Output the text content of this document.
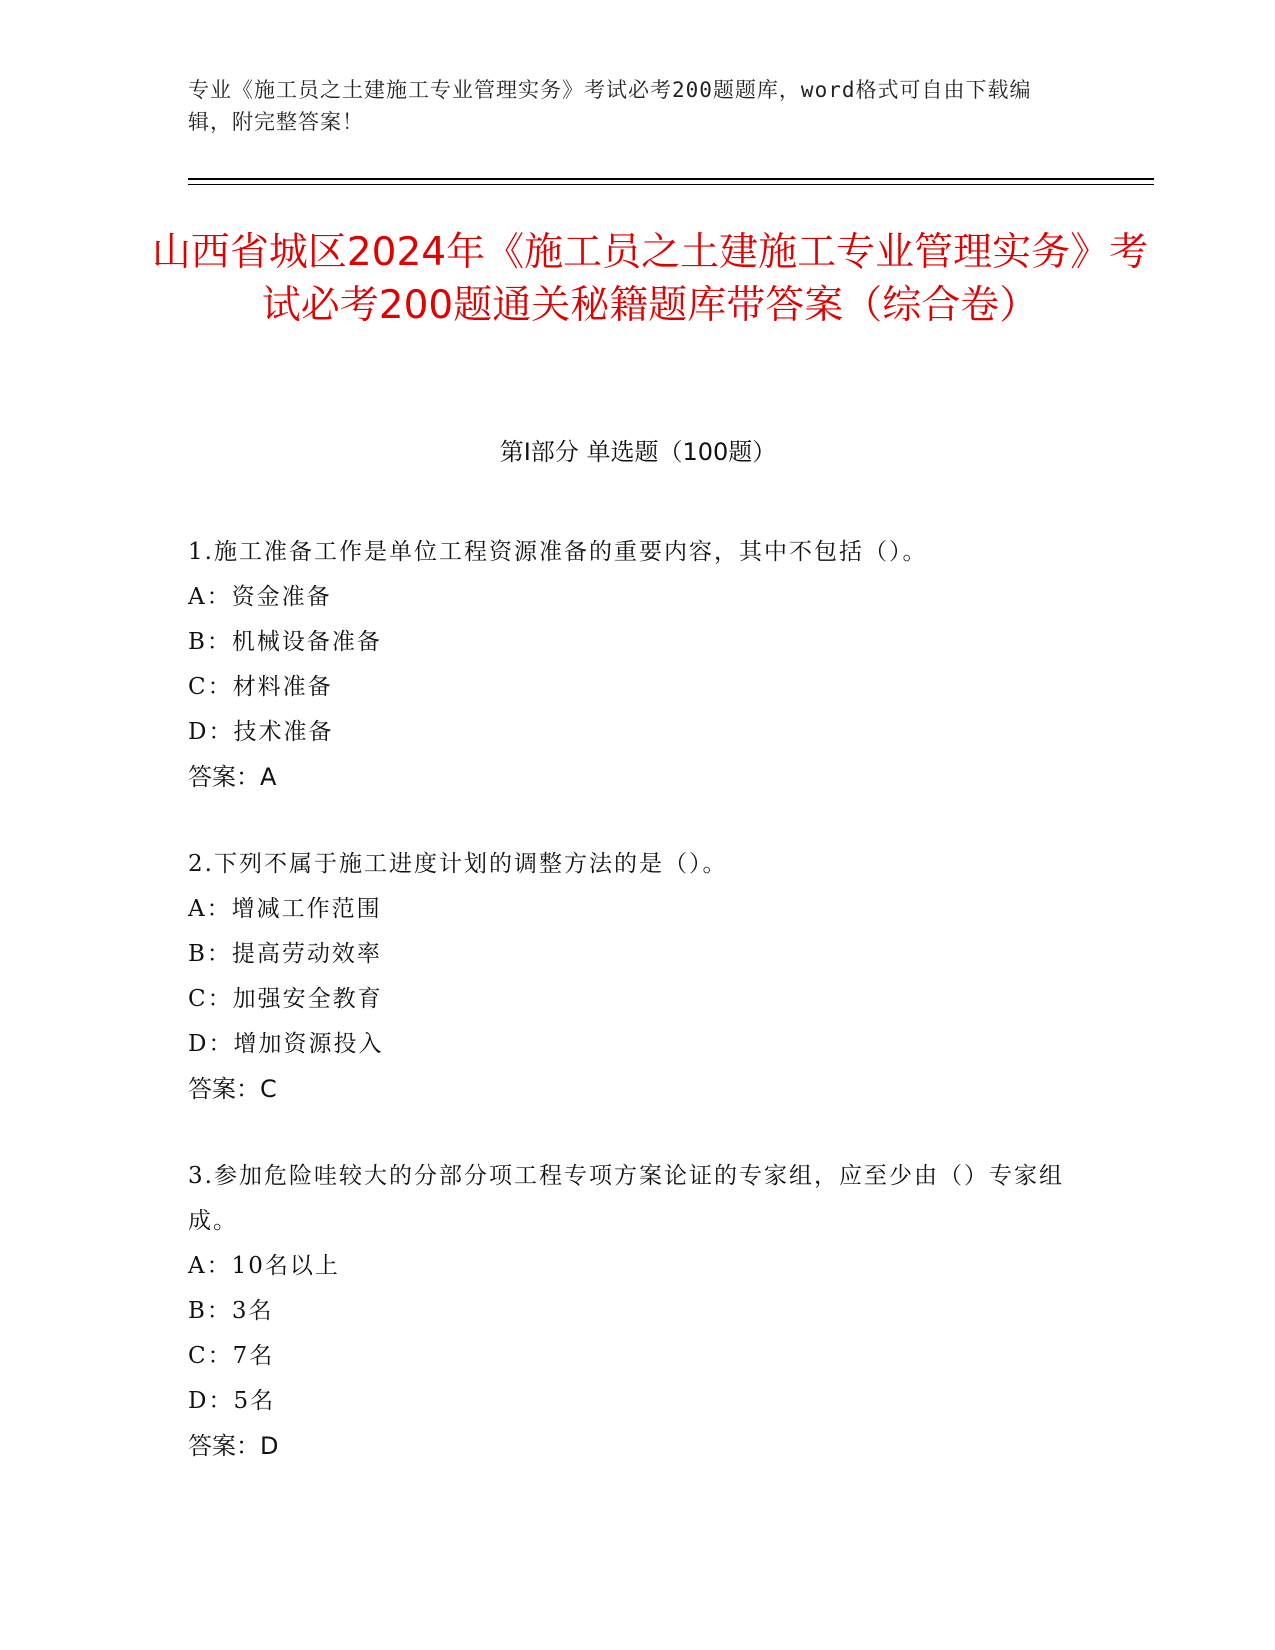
专业《施工员之土建施工专业管理实务》考试必考200题题库，word格式可自由下载编辑，附完整答案！
山西省城区2024年《施工员之土建施工专业管理实务》考试必考200题通关秘籍题库带答案（综合卷）
第Ⅰ部分 单选题（100题）
1.施工准备工作是单位工程资源准备的重要内容，其中不包括（）。
A：资金准备
B：机械设备准备
C：材料准备
D：技术准备
答案：A
2.下列不属于施工进度计划的调整方法的是（）。
A：增减工作范围
B：提高劳动效率
C：加强安全教育
D：增加资源投入
答案：C
3.参加危险哇较大的分部分项工程专项方案论证的专家组，应至少由（）专家组成。
A：10名以上
B：3名
C：7名
D：5名
答案：D
